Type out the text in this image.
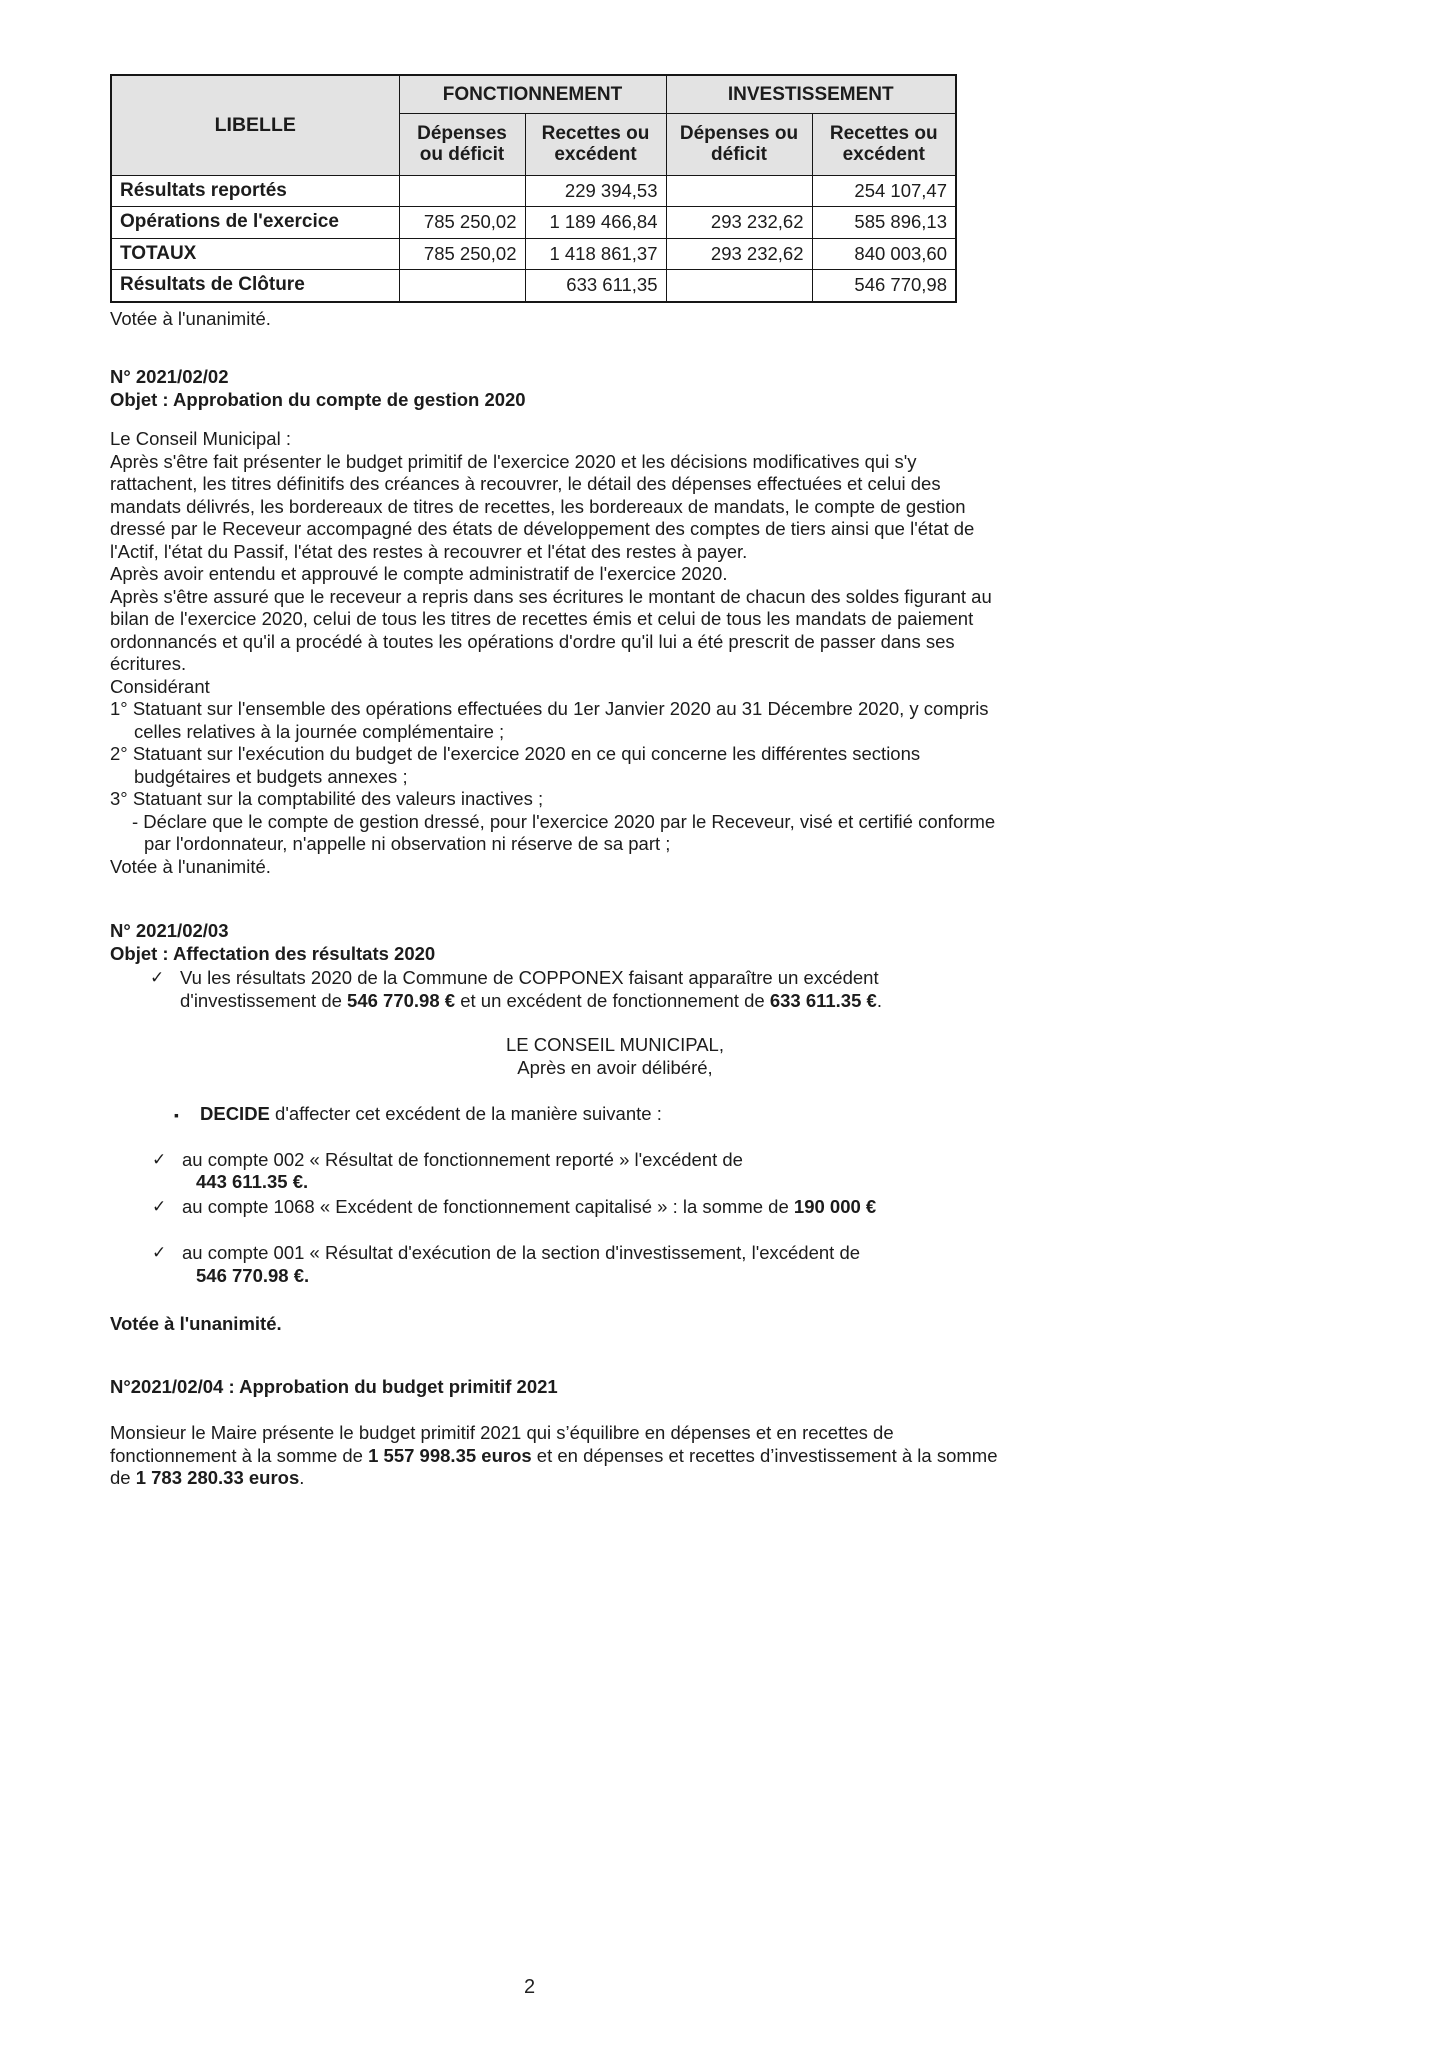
LIBELLE	FONCTIONNEMENT		INVESTISSEMENT	
	Dépenses ou déficit	Recettes ou excédent	Dépenses ou déficit	Recettes ou excédent
Résultats reportés		229 394,53		254 107,47
Opérations de l'exercice	785 250,02	1 189 466,84	293 232,62	585 896,13
TOTAUX	785 250,02	1 418 861,37	293 232,62	840 003,60
Résultats de Clôture		633 611,35		546 770,98
Votée à l'unanimité.
N° 2021/02/02
Objet : Approbation du compte de gestion 2020
Le Conseil Municipal :
Après s'être fait présenter le budget primitif de l'exercice 2020 et les décisions modificatives qui s'y rattachent, les titres définitifs des créances à recouvrer, le détail des dépenses effectuées et celui des mandats délivrés, les bordereaux de titres de recettes, les bordereaux de mandats, le compte de gestion dressé par le Receveur accompagné des états de développement des comptes de tiers ainsi que l'état de l'Actif, l'état du Passif, l'état des restes à recouvrer et l'état des restes à payer.
Après avoir entendu et approuvé le compte administratif de l'exercice 2020.
Après s'être assuré que le receveur a repris dans ses écritures le montant de chacun des soldes figurant au bilan de l'exercice 2020, celui de tous les titres de recettes émis et celui de tous les mandats de paiement ordonnancés et qu'il a procédé à toutes les opérations d'ordre qu'il lui a été prescrit de passer dans ses écritures.
Considérant
1° Statuant sur l'ensemble des opérations effectuées du 1er Janvier 2020 au 31 Décembre 2020, y compris celles relatives à la journée complémentaire ;
2° Statuant sur l'exécution du budget de l'exercice 2020 en ce qui concerne les différentes sections budgétaires et budgets annexes ;
3° Statuant sur la comptabilité des valeurs inactives ;
- Déclare que le compte de gestion dressé, pour l'exercice 2020 par le Receveur, visé et certifié conforme par l'ordonnateur, n'appelle ni observation ni réserve de sa part ;
Votée à l'unanimité.
N° 2021/02/03
Objet : Affectation des résultats 2020
✓ Vu les résultats 2020 de la Commune de COPPONEX faisant apparaître un excédent d'investissement de 546 770.98 € et un excédent de fonctionnement de 633 611.35 €.
LE CONSEIL MUNICIPAL,
Après en avoir délibéré,
▪	DECIDE d'affecter cet excédent de la manière suivante :
✓ au compte 002 « Résultat de fonctionnement reporté » l'excédent de
443 611.35 €.
✓ au compte 1068 « Excédent de fonctionnement capitalisé » : la somme de 190 000 €
✓ au compte 001 « Résultat d'exécution de la section d'investissement, l'excédent de
546 770.98 €.
Votée à l'unanimité.
N°2021/02/04 : Approbation du budget primitif 2021
Monsieur le Maire présente le budget primitif 2021 qui s’équilibre en dépenses et en recettes de fonctionnement à la somme de 1 557 998.35 euros et en dépenses et recettes d’investissement à la somme de 1 783 280.33 euros.
2
